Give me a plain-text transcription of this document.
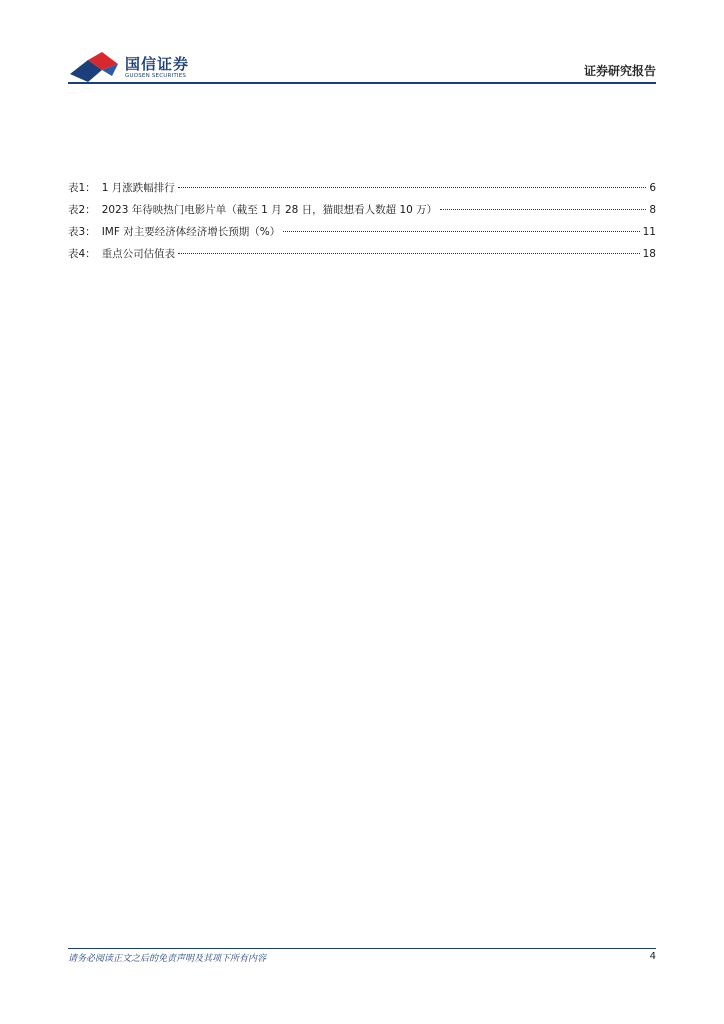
国信证券
GUOSEN SECURITIES	证券研究报告
表1： 1 月涨跌幅排行	6
表2： 2023 年待映热门电影片单（截至 1 月 28 日，猫眼想看人数超 10 万）	8
表3： IMF 对主要经济体经济增长预期（%）	11
表4： 重点公司估值表	18
请务必阅读正文之后的免责声明及其项下所有内容	4
